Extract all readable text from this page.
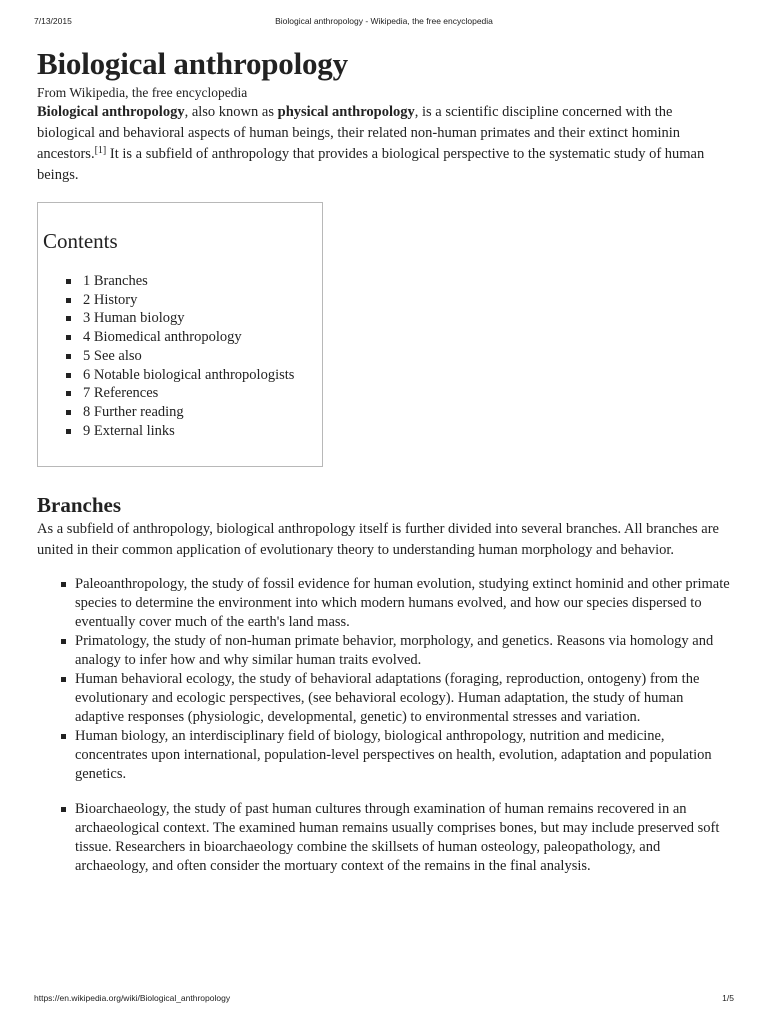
7/13/2015	Biological anthropology - Wikipedia, the free encyclopedia
Biological anthropology
From Wikipedia, the free encyclopedia

Biological anthropology, also known as physical anthropology, is a scientific discipline concerned with the biological and behavioral aspects of human beings, their related non-human primates and their extinct hominin ancestors.[1] It is a subfield of anthropology that provides a biological perspective to the systematic study of human beings.

Contents
1 Branches
2 History
3 Human biology
4 Biomedical anthropology
5 See also
6 Notable biological anthropologists
7 References
8 Further reading
9 External links
Branches

As a subfield of anthropology, biological anthropology itself is further divided into several branches. All branches are united in their common application of evolutionary theory to understanding human morphology and behavior.

Paleoanthropology, the study of fossil evidence for human evolution, studying extinct hominid and other primate species to determine the environment into which modern humans evolved, and how our species dispersed to eventually cover much of the earth's land mass.
Primatology, the study of non-human primate behavior, morphology, and genetics. Reasons via homology and analogy to infer how and why similar human traits evolved.
Human behavioral ecology, the study of behavioral adaptations (foraging, reproduction, ontogeny) from the evolutionary and ecologic perspectives, (see behavioral ecology). Human adaptation, the study of human adaptive responses (physiologic, developmental, genetic) to environmental stresses and variation.
Human biology, an interdisciplinary field of biology, biological anthropology, nutrition and medicine, concentrates upon international, population-level perspectives on health, evolution, adaptation and population genetics.
Bioarchaeology, the study of past human cultures through examination of human remains recovered in an archaeological context. The examined human remains usually comprises bones, but may include preserved soft tissue. Researchers in bioarchaeology combine the skillsets of human osteology, paleopathology, and archaeology, and often consider the mortuary context of the remains in the final analysis.
https://en.wikipedia.org/wiki/Biological_anthropology	1/5
